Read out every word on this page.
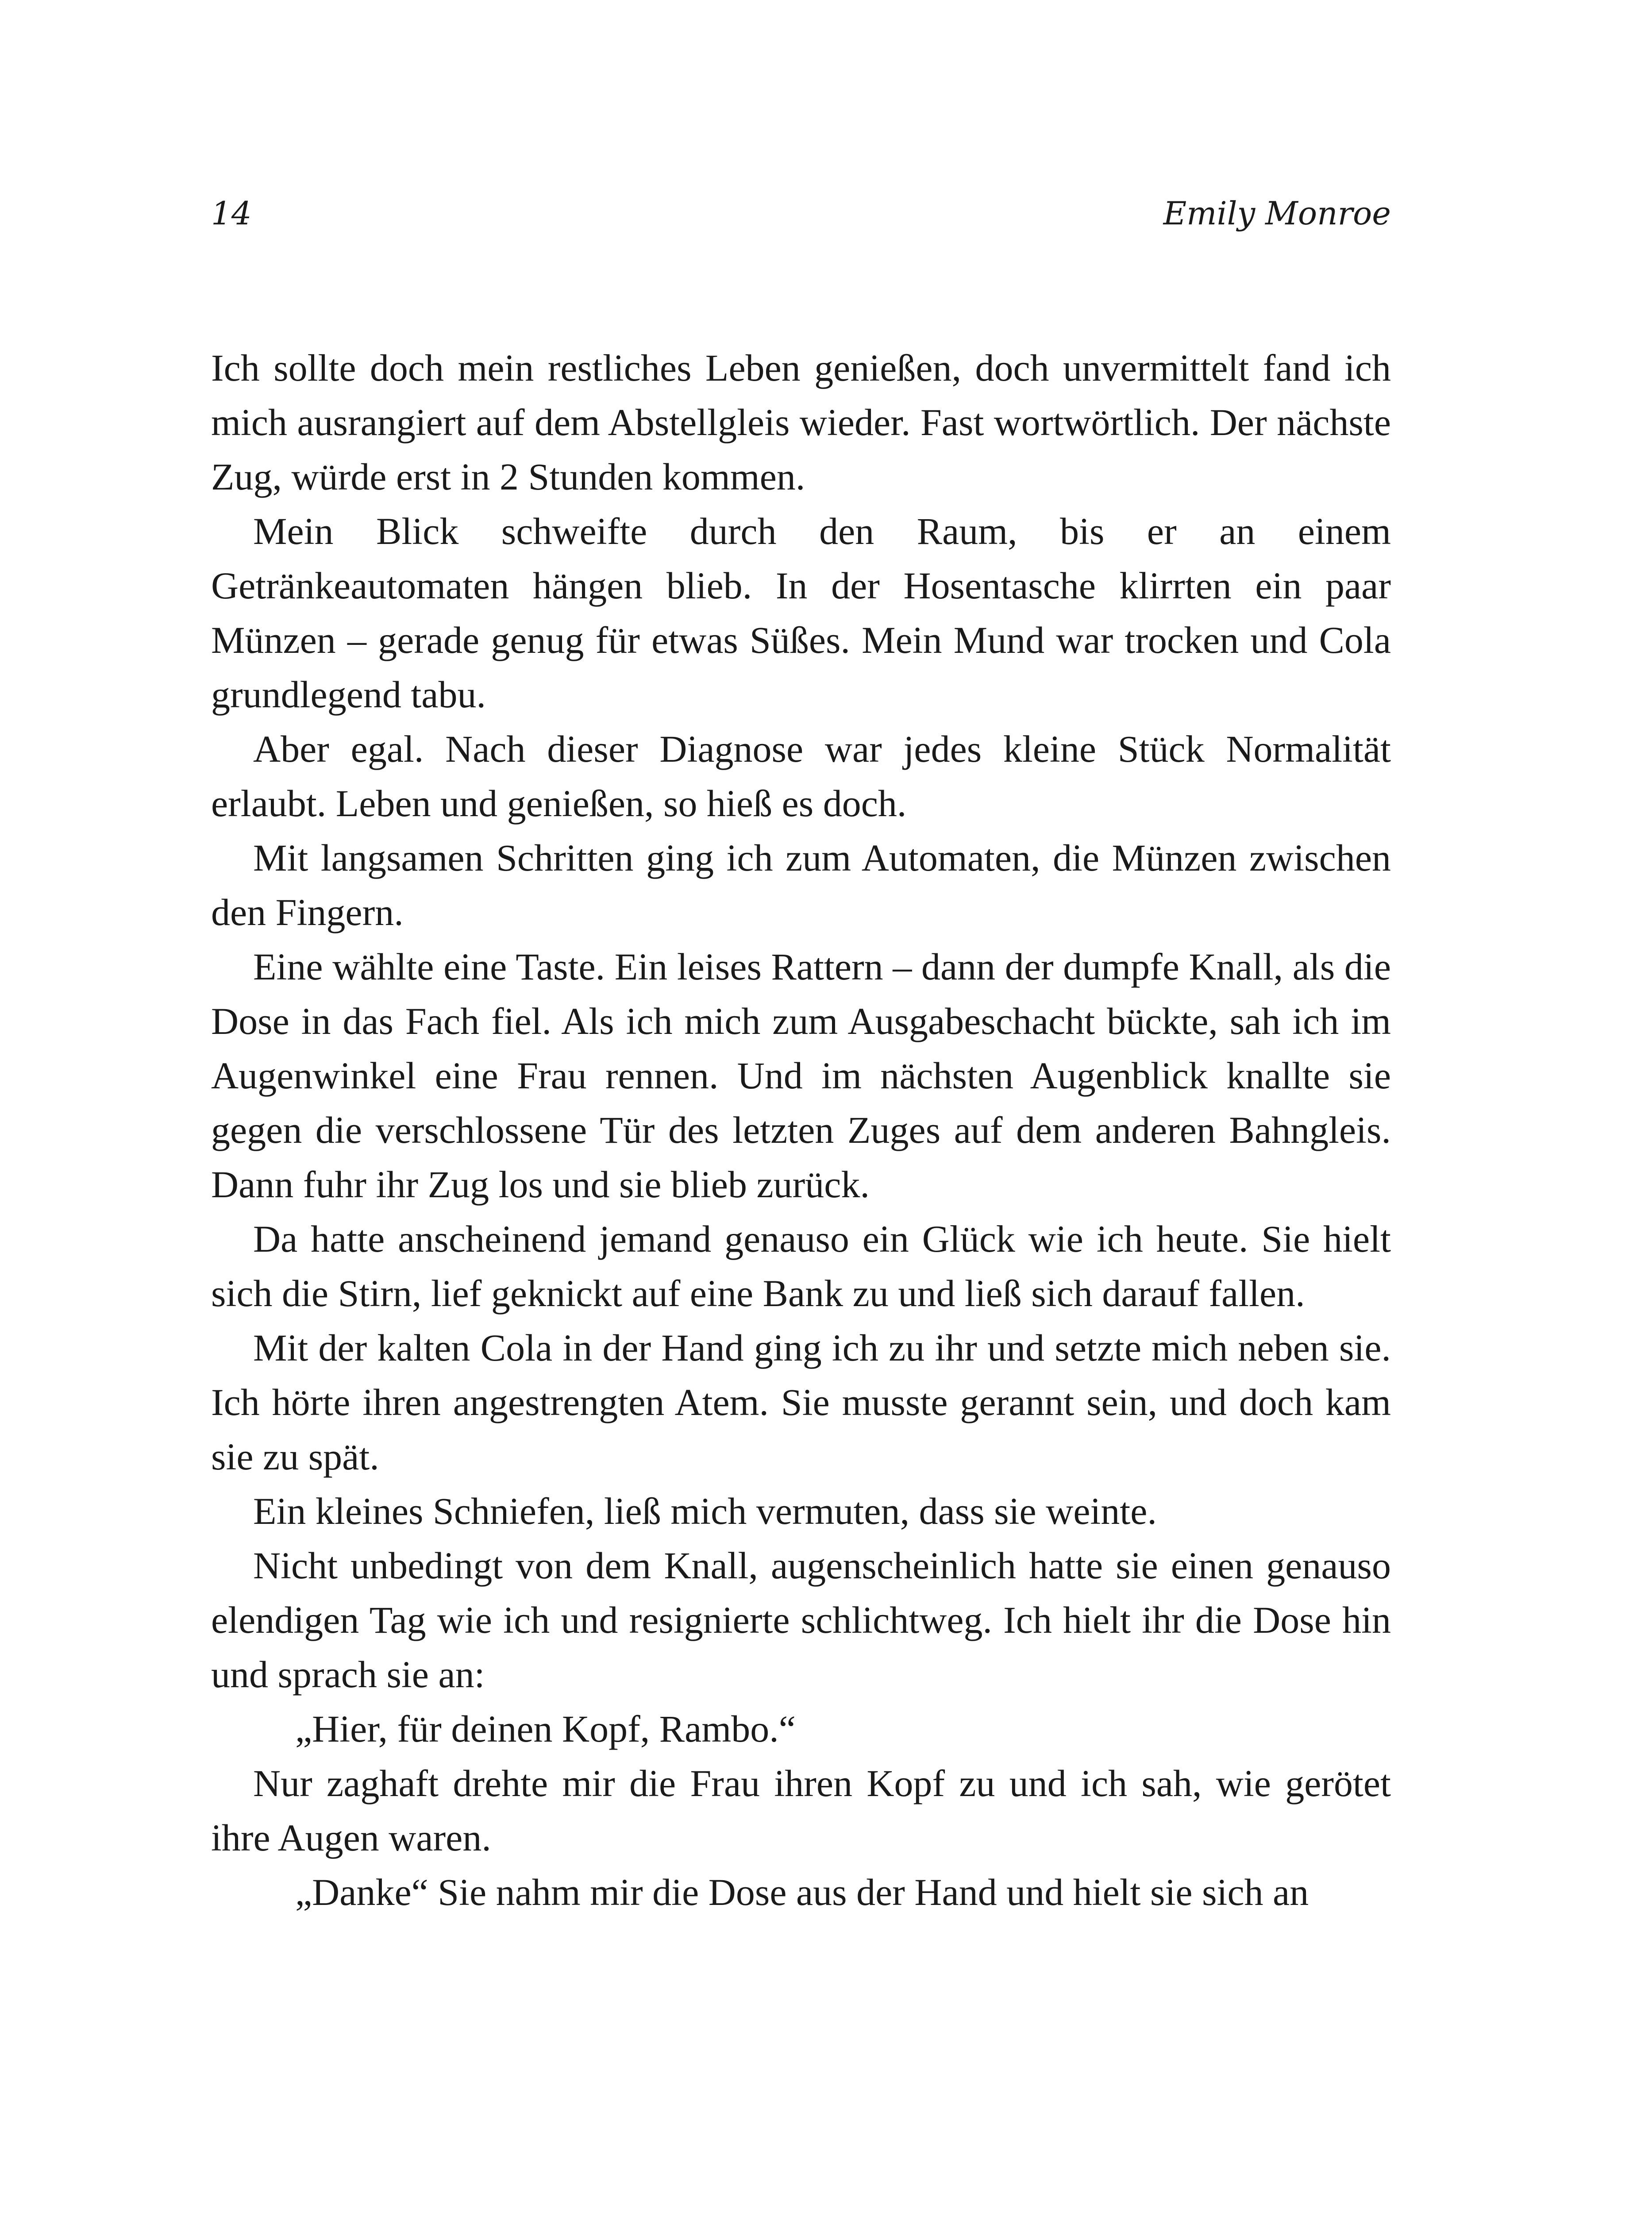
14	Emily Monroe

Ich sollte doch mein restliches Leben genießen, doch unvermittelt fand ich mich ausrangiert auf dem Abstellgleis wieder. Fast wortwörtlich. Der nächste Zug, würde erst in 2 Stunden kommen.

Mein Blick schweifte durch den Raum, bis er an einem Getränkeautomaten hängen blieb. In der Hosentasche klirrten ein paar Münzen – gerade genug für etwas Süßes. Mein Mund war trocken und Cola grundlegend tabu.

Aber egal. Nach dieser Diagnose war jedes kleine Stück Normalität erlaubt. Leben und genießen, so hieß es doch.

Mit langsamen Schritten ging ich zum Automaten, die Münzen zwischen den Fingern.

Eine wählte eine Taste. Ein leises Rattern – dann der dumpfe Knall, als die Dose in das Fach fiel. Als ich mich zum Ausgabeschacht bückte, sah ich im Augenwinkel eine Frau rennen. Und im nächsten Augenblick knallte sie gegen die verschlossene Tür des letzten Zuges auf dem anderen Bahngleis. Dann fuhr ihr Zug los und sie blieb zurück.

Da hatte anscheinend jemand genauso ein Glück wie ich heute. Sie hielt sich die Stirn, lief geknickt auf eine Bank zu und ließ sich darauf fallen.

Mit der kalten Cola in der Hand ging ich zu ihr und setzte mich neben sie. Ich hörte ihren angestrengten Atem. Sie musste gerannt sein, und doch kam sie zu spät.

Ein kleines Schniefen, ließ mich vermuten, dass sie weinte.

Nicht unbedingt von dem Knall, augenscheinlich hatte sie einen genauso elendigen Tag wie ich und resignierte schlichtweg. Ich hielt ihr die Dose hin und sprach sie an:

„Hier, für deinen Kopf, Rambo.“

Nur zaghaft drehte mir die Frau ihren Kopf zu und ich sah, wie gerötet ihre Augen waren.

„Danke“ Sie nahm mir die Dose aus der Hand und hielt sie sich an
